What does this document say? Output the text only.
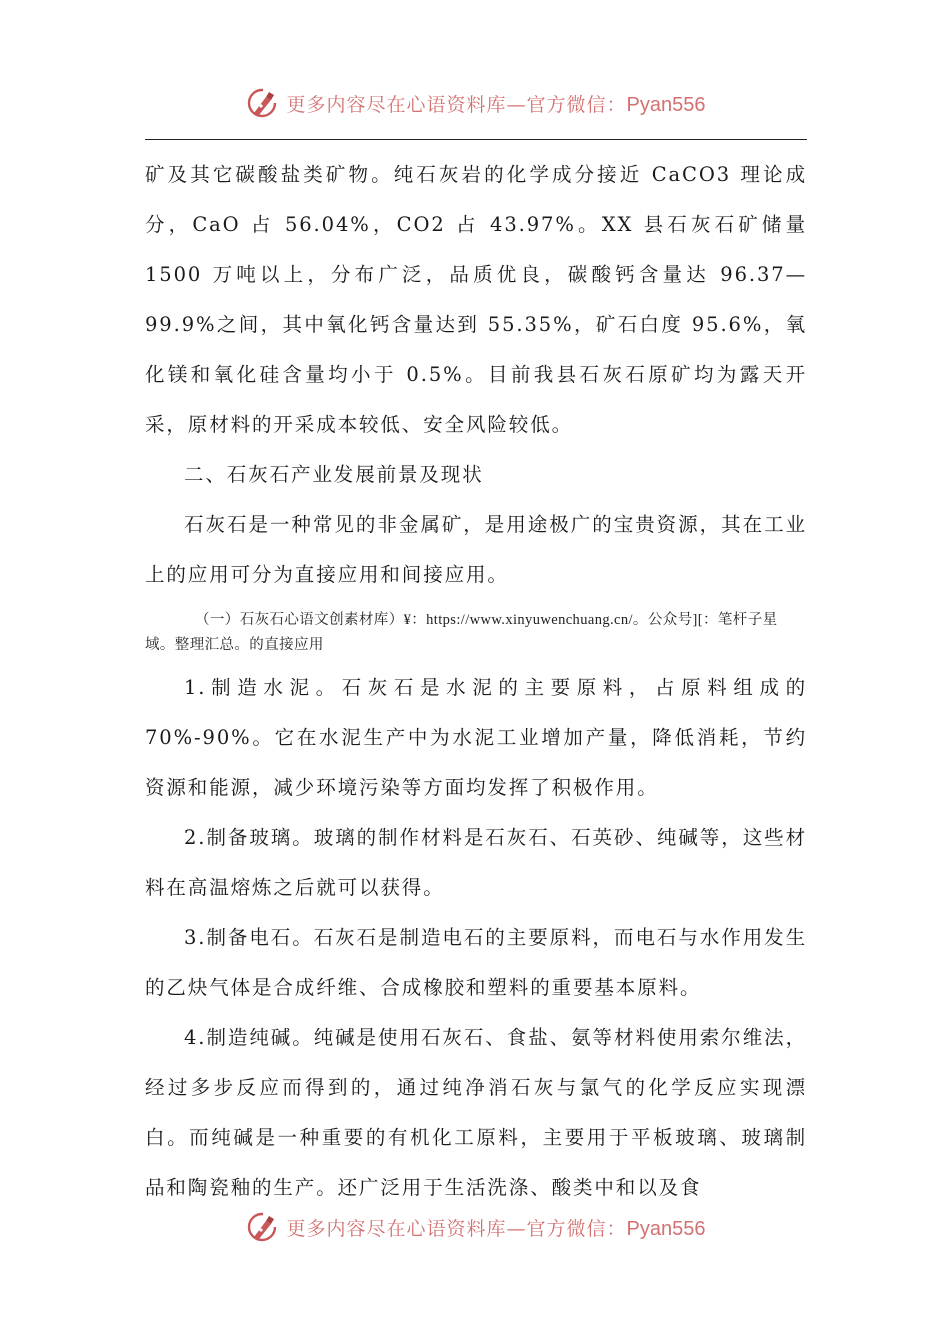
更多内容尽在心语资料库—官方微信：Pyan556

矿及其它碳酸盐类矿物。纯石灰岩的化学成分接近 CaCO3 理论成分，CaO 占 56.04%，CO2 占 43.97%。XX 县石灰石矿储量 1500 万吨以上，分布广泛，品质优良，碳酸钙含量达 96.37—99.9%之间，其中氧化钙含量达到 55.35%，矿石白度 95.6%，氧化镁和氧化硅含量均小于 0.5%。目前我县石灰石原矿均为露天开采，原材料的开采成本较低、安全风险较低。

二、石灰石产业发展前景及现状

石灰石是一种常见的非金属矿，是用途极广的宝贵资源，其在工业上的应用可分为直接应用和间接应用。

（一）石灰石心语文创素材库）¥：https://www.xinyuwenchuang.cn/。公众号][：笔杆子星域。整理汇总。的直接应用

1.制造水泥。石灰石是水泥的主要原料，占原料组成的 70%-90%。它在水泥生产中为水泥工业增加产量，降低消耗，节约资源和能源，减少环境污染等方面均发挥了积极作用。

2.制备玻璃。玻璃的制作材料是石灰石、石英砂、纯碱等，这些材料在高温熔炼之后就可以获得。

3.制备电石。石灰石是制造电石的主要原料，而电石与水作用发生的乙炔气体是合成纤维、合成橡胶和塑料的重要基本原料。

4.制造纯碱。纯碱是使用石灰石、食盐、氨等材料使用索尔维法，经过多步反应而得到的，通过纯净消石灰与氯气的化学反应实现漂白。而纯碱是一种重要的有机化工原料，主要用于平板玻璃、玻璃制品和陶瓷釉的生产。还广泛用于生活洗涤、酸类中和以及食

更多内容尽在心语资料库—官方微信：Pyan556
